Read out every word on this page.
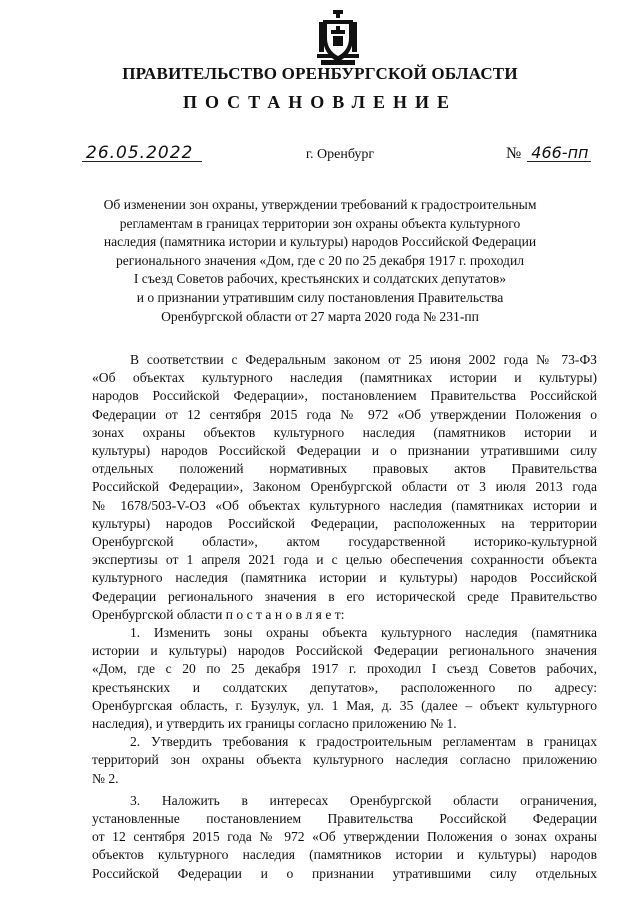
ПРАВИТЕЛЬСТВО ОРЕНБУРГСКОЙ ОБЛАСТИ
ПОСТАНОВЛЕНИЕ
26.05.2022	г. Оренбург	№ 466-пп
Об изменении зон охраны, утверждении требований к градостроительным
регламентам в границах территории зон охраны объекта культурного
наследия (памятника истории и культуры) народов Российской Федерации
регионального значения «Дом, где с 20 по 25 декабря 1917 г. проходил
I съезд Советов рабочих, крестьянских и солдатских депутатов»
и о признании утратившим силу постановления Правительства
Оренбургской области от 27 марта 2020 года № 231-пп
В соответствии с Федеральным законом от 25 июня 2002 года № 73-ФЗ
«Об объектах культурного наследия (памятниках истории и культуры)
народов Российской Федерации», постановлением Правительства Российской
Федерации от 12 сентября 2015 года № 972 «Об утверждении Положения о
зонах охраны объектов культурного наследия (памятников истории и
культуры) народов Российской Федерации и о признании утратившими силу
отдельных положений нормативных правовых актов Правительства
Российской Федерации», Законом Оренбургской области от 3 июля 2013 года
№ 1678/503-V-ОЗ «Об объектах культурного наследия (памятниках истории и
культуры) народов Российской Федерации, расположенных на территории
Оренбургской области», актом государственной историко-культурной
экспертизы от 1 апреля 2021 года и с целью обеспечения сохранности объекта
культурного наследия (памятника истории и культуры) народов Российской
Федерации регионального значения в его исторической среде Правительство
Оренбургской области п о с т а н о в л я е т:
1. Изменить зоны охраны объекта культурного наследия (памятника
истории и культуры) народов Российской Федерации регионального значения
«Дом, где с 20 по 25 декабря 1917 г. проходил I съезд Советов рабочих,
крестьянских и солдатских депутатов», расположенного по адресу:
Оренбургская область, г. Бузулук, ул. 1 Мая, д. 35 (далее – объект культурного
наследия), и утвердить их границы согласно приложению № 1.
2. Утвердить требования к градостроительным регламентам в границах
территорий зон охраны объекта культурного наследия согласно приложению
№ 2.
3. Наложить в интересах Оренбургской области ограничения,
установленные постановлением Правительства Российской Федерации
от 12 сентября 2015 года № 972 «Об утверждении Положения о зонах охраны
объектов культурного наследия (памятников истории и культуры) народов
Российской Федерации и о признании утратившими силу отдельных
